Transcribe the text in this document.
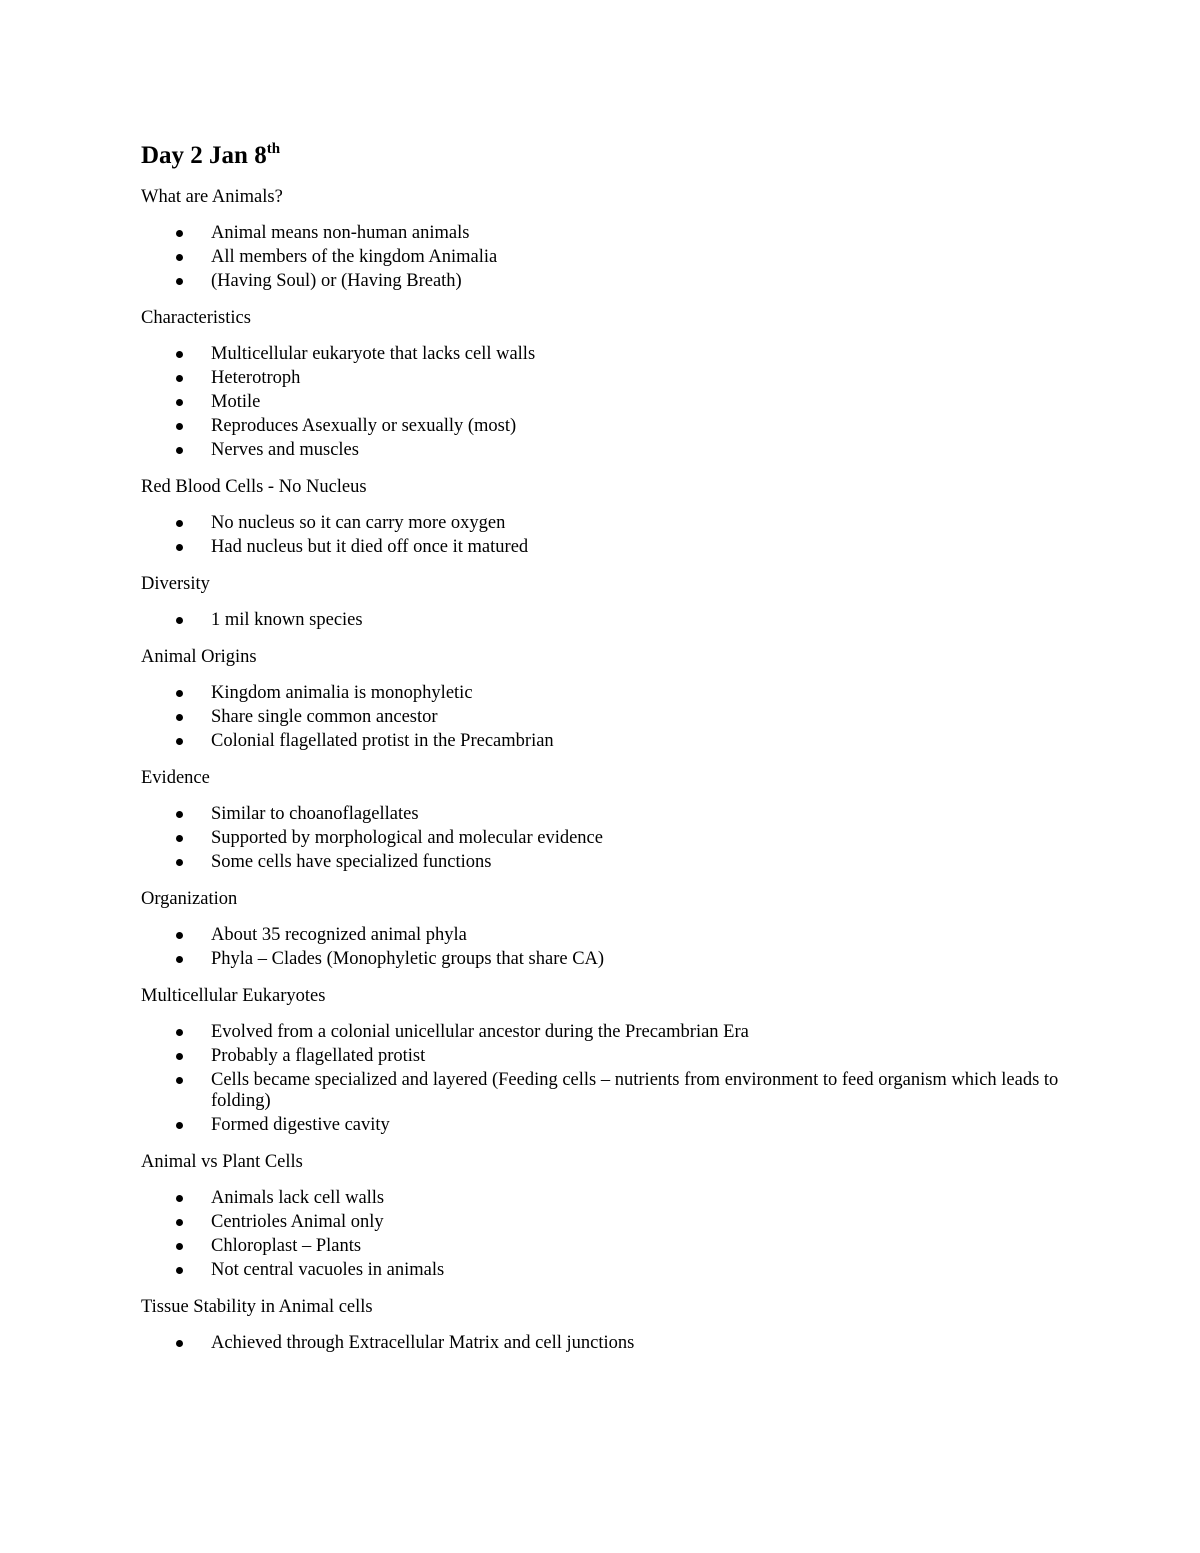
Day 2 Jan 8th

What are Animals?

Animal means non-human animals
All members of the kingdom Animalia
(Having Soul) or (Having Breath)

Characteristics

Multicellular eukaryote that lacks cell walls
Heterotroph
Motile
Reproduces Asexually or sexually (most)
Nerves and muscles

Red Blood Cells - No Nucleus

No nucleus so it can carry more oxygen
Had nucleus but it died off once it matured

Diversity

1 mil known species

Animal Origins

Kingdom animalia is monophyletic
Share single common ancestor
Colonial flagellated protist in the Precambrian

Evidence

Similar to choanoflagellates
Supported by morphological and molecular evidence
Some cells have specialized functions

Organization

About 35 recognized animal phyla
Phyla – Clades (Monophyletic groups that share CA)

Multicellular Eukaryotes

Evolved from a colonial unicellular ancestor during the Precambrian Era
Probably a flagellated protist
Cells became specialized and layered (Feeding cells – nutrients from environment to feed organism which leads to folding)
Formed digestive cavity

Animal vs Plant Cells

Animals lack cell walls
Centrioles Animal only
Chloroplast – Plants
Not central vacuoles in animals

Tissue Stability in Animal cells

Achieved through Extracellular Matrix and cell junctions
